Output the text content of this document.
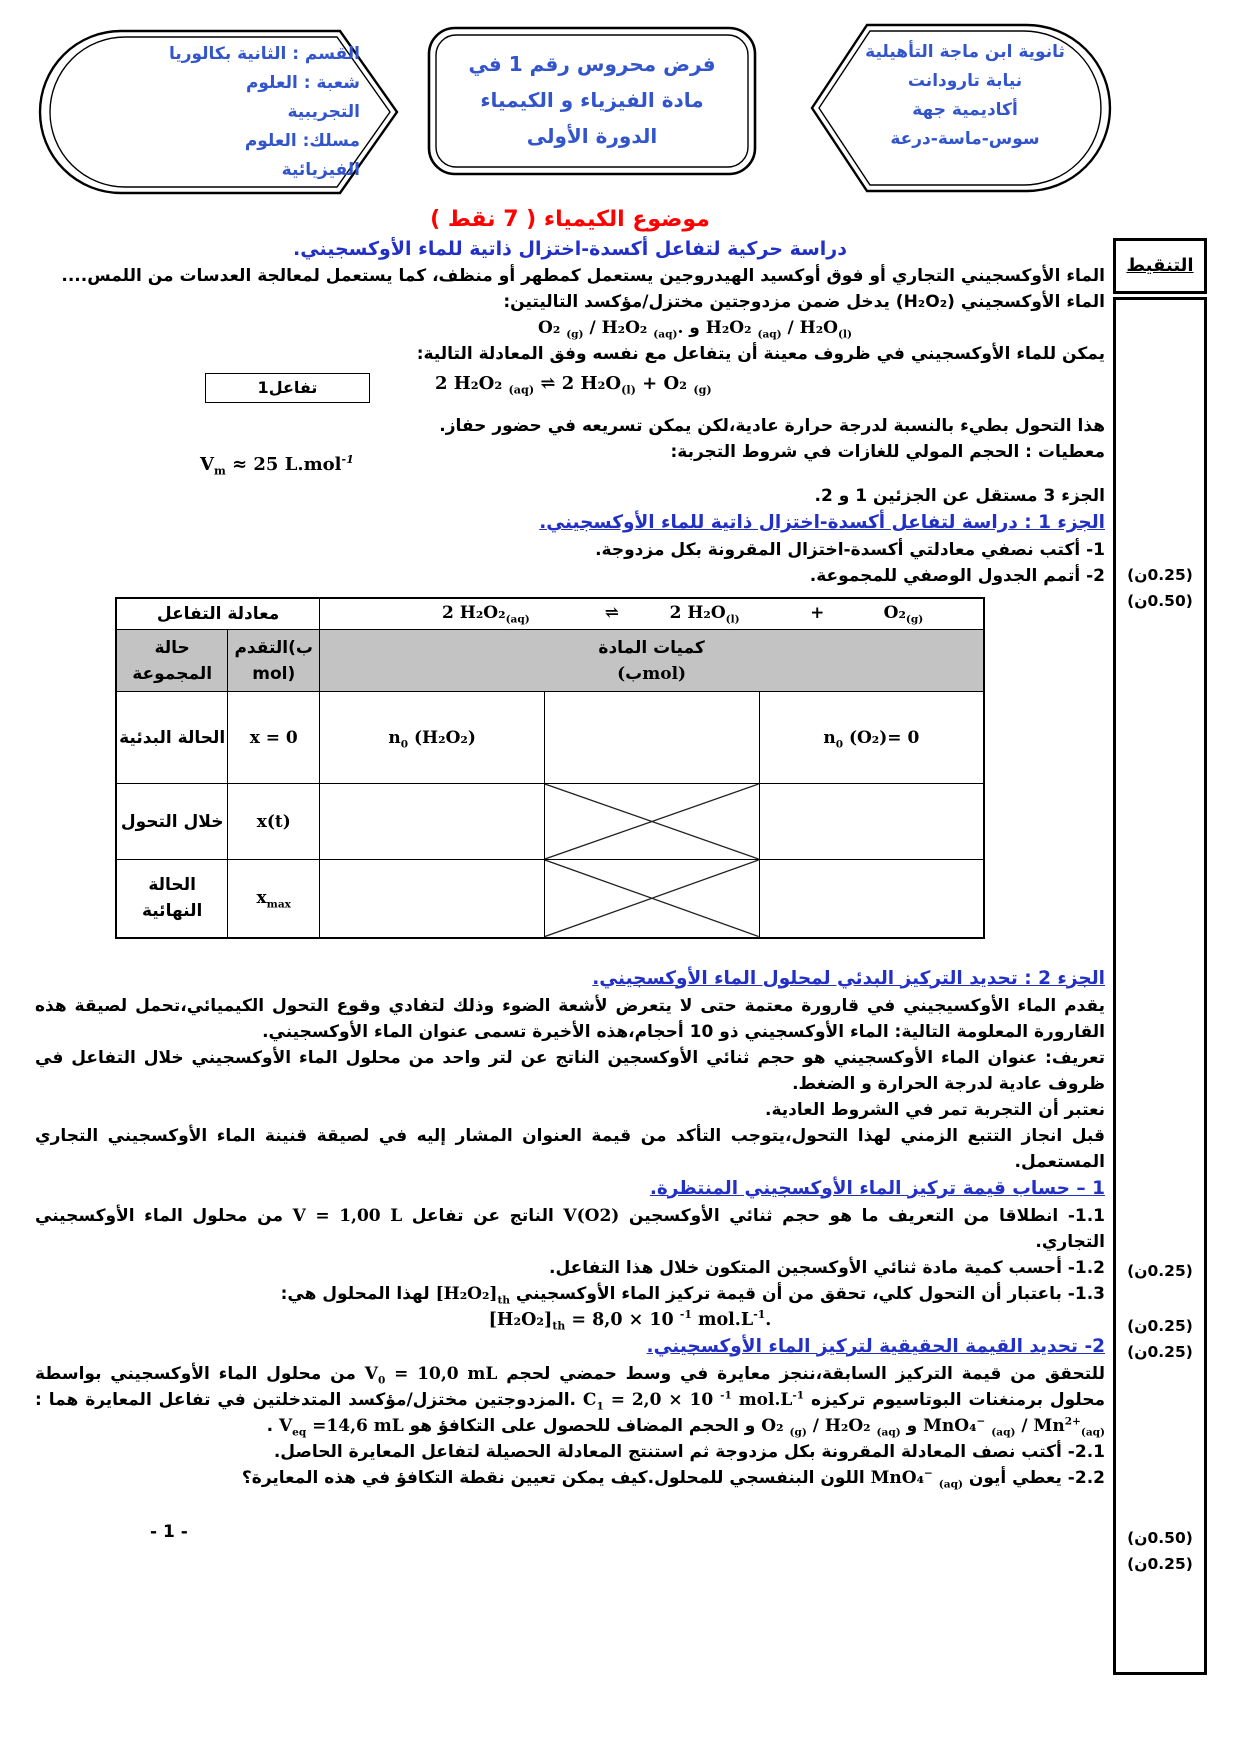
القسم : الثانية بكالوريا
شعبة : العلوم
التجريبية
مسلك: العلوم
الفيزيائية
فرض محروس رقم 1 في
مادة الفيزياء و الكيمياء
الدورة الأولى
ثانوية ابن ماجة التأهيلية
نيابة تارودانت
أكاديمية جهة
سوس-ماسة-درعة
التنقيط
(0.25ن)
(0.50ن)
(0.25ن)
(0.25ن)
(0.25ن)
(0.50ن)
(0.25ن)
موضوع الكيمياء ( 7 نقط )
دراسة حركية لتفاعل أكسدة-اختزال ذاتية للماء الأوكسجيني.

الماء الأوكسجيني التجاري أو فوق أوكسيد الهيدروجين يستعمل كمطهر أو منظف، كما يستعمل لمعالجة العدسات من اللمس....

الماء الأوكسجيني (H₂O₂) يدخل ضمن مزدوجتين مختزل/مؤكسد التاليتين:

O₂ $_{(g)}$ / H₂O₂ $_{(aq)}$. و H₂O₂ $_{(aq)} / H_2O_{(l)}$

يمكن للماء الأوكسجيني في ظروف معينة أن يتفاعل مع نفسه وفق المعادلة التالية:

تفاعل1	2 H₂O₂ $_{(aq)}$ ⇌ 2 $H_2O_{(l)} + O_2$ $_{(g)}$

هذا التحول بطيء بالنسبة لدرجة حرارة عادية،لكن يمكن تسريعه في حضور حفاز.

معطيات : الحجم المولي للغازات في شروط التجربة:
$V_m \approx 25$ L.mol$^{-1}$

الجزء 3 مستقل عن الجزئين 1 و 2.

الجزء 1 : دراسة لتفاعل أكسدة-اختزال ذاتية للماء الأوكسجيني.

1- أكتب نصفي معادلتي أكسدة-اختزال المقرونة بكل مزدوجة.

2- أتمم الجدول الوصفي للمجموعة.

معادلة التفاعل		2 $H_2O_2_{(aq)}$ ⇌ 2 $H_2O_{(l)} + O_2_{(g)}$

حالة المجموعة	التقدم(ب mol)	كميات المادة
(بmol)		

الحالة البدئية	x = 0	$n_0$ (H₂O₂)		$n_0$ (O₂)= 0
خلال التحول	x(t)		

الحالة النهائية	$x_{max}$		

الجزء 2 : تحديد التركيز البدئي لمحلول الماء الأوكسجيني.

يقدم الماء الأوكسيجيني في قارورة معتمة حتى لا يتعرض لأشعة الضوء وذلك لتفادي وقوع التحول الكيميائي،تحمل لصيقة هذه القارورة المعلومة التالية: الماء الأوكسجيني ذو 10 أحجام،هذه الأخيرة تسمى عنوان الماء الأوكسجيني.

تعريف: عنوان الماء الأوكسجيني هو حجم ثنائي الأوكسجين الناتج عن لتر واحد من محلول الماء الأوكسجيني خلال التفاعل في ظروف عادية لدرجة الحرارة و الضغط.

نعتبر أن التجربة تمر في الشروط العادية.

قبل انجاز التتبع الزمني لهذا التحول،يتوجب التأكد من قيمة العنوان المشار إليه في لصيقة قنينة الماء الأوكسجيني التجاري المستعمل.

1 – حساب قيمة تركيز الماء الأوكسجيني المنتظرة.

1.1- انطلاقا من التعريف ما هو حجم ثنائي الأوكسجين V(O2) الناتج عن تفاعل V = 1,00 L من محلول الماء الأوكسجيني التجاري.

1.2- أحسب كمية مادة ثنائي الأوكسجين المتكون خلال هذا التفاعل.

1.3- باعتبار أن التحول كلي، تحقق من أن قيمة تركيز الماء الأوكسجيني $[H_2O_2]_{th}$ لهذا المحلول هي:

$[H_2O_2]_{th} = 8,0 \times 10$ $^{-1}$ $mol.L^{-1}$.
2- تحديد القيمة الحقيقية لتركيز الماء الأوكسجيني.

للتحقق من قيمة التركيز السابقة،ننجز معايرة في وسط حمضي لحجم $V_0 = 10,0$ mL من محلول الماء الأوكسجيني بواسطة محلول برمنغنات البوتاسيوم تركيزه $C_1 = 2,0 \times 10$ $^{-1}$ $mol.L^{-1}$ .المزدوجتين مختزل/مؤكسد المتدخلتين في تفاعل المعايرة هما : MnO₄− $_{(aq)} / Mn^{2+}_{(aq)}$ و O₂ $_{(g)}$ / H₂O₂ $_{(aq)}$ و الحجم المضاف للحصول على التكافؤ هو $V_{eq} =14,6$ mL .

2.1- أكتب نصف المعادلة المقرونة بكل مزدوجة ثم استنتج المعادلة الحصيلة لتفاعل المعايرة الحاصل.

2.2- يعطي أيون MnO₄− $_{(aq)}$ اللون البنفسجي للمحلول.كيف يمكن تعيين نقطة التكافؤ في هذه المعايرة؟

- 1 -
